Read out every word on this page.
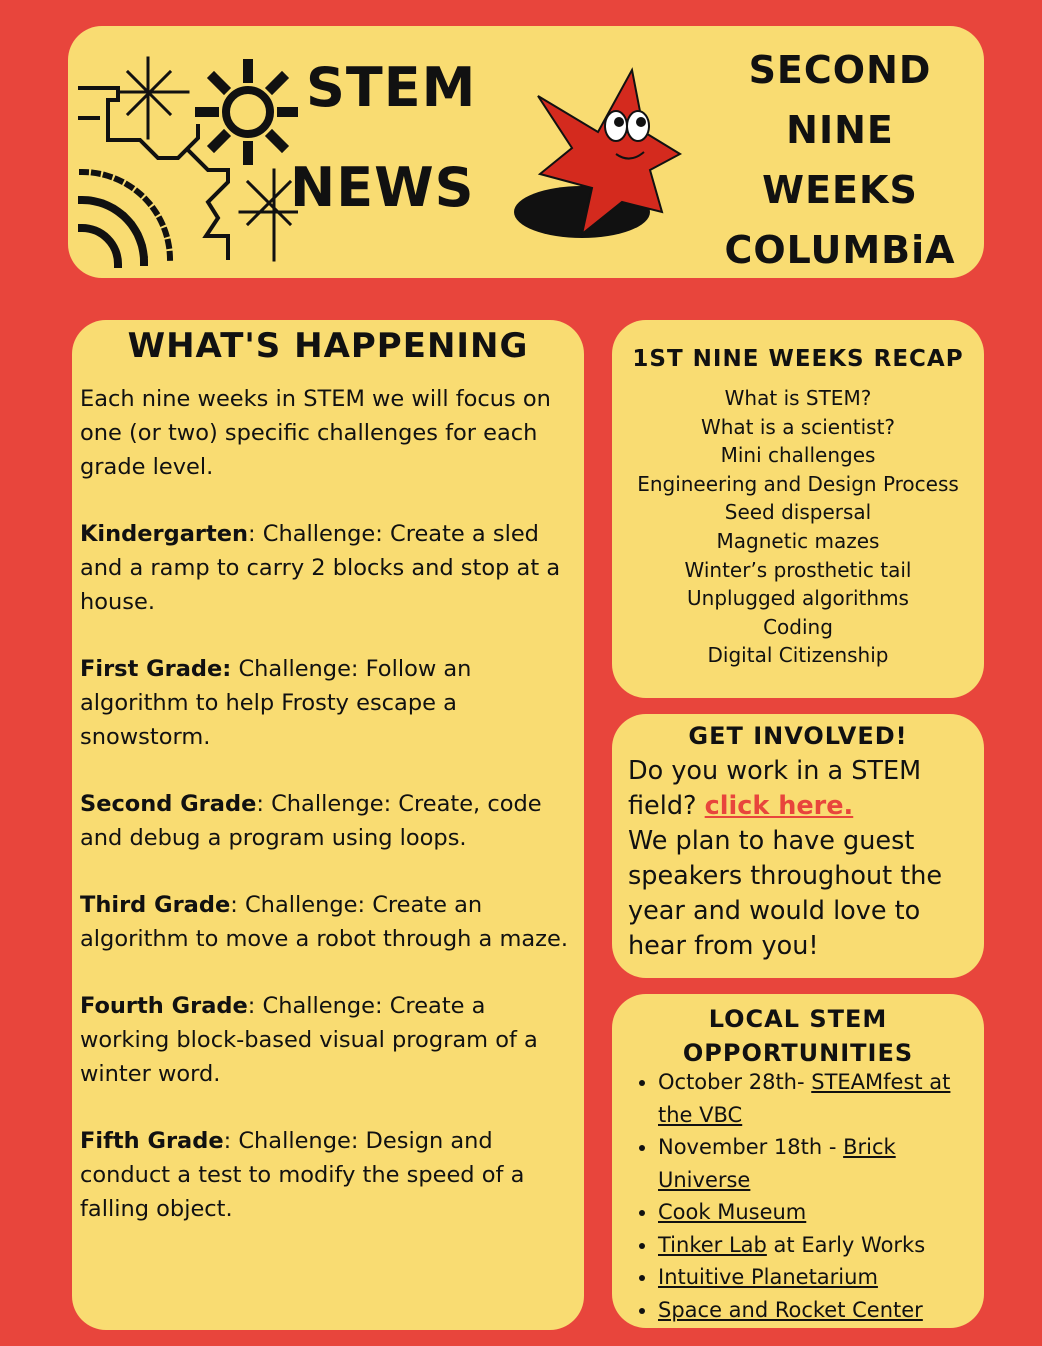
STEM
NEWS
SECOND
NINE
WEEKS
COLUMBiA
WHAT'S HAPPENING

Each nine weeks in STEM we will focus on one (or two) specific challenges for each grade level.

Kindergarten: Challenge: Create a sled and a ramp to carry 2 blocks and stop at a house.

First Grade: Challenge: Follow an algorithm to help Frosty escape a snowstorm.

Second Grade: Challenge: Create, code and debug a program using loops.

Third Grade: Challenge: Create an algorithm to move a robot through a maze.

Fourth Grade: Challenge: Create a working block-based visual program of a winter word.

Fifth Grade: Challenge: Design and conduct a test to modify the speed of a falling object.

1ST NINE WEEKS RECAP
What is STEM?
What is a scientist?
Mini challenges
Engineering and Design Process
Seed dispersal
Magnetic mazes
Winter’s prosthetic tail
Unplugged algorithms
Coding
Digital Citizenship
GET INVOLVED!
Do you work in a STEM field? click here.
We plan to have guest speakers throughout the year and would love to hear from you!
LOCAL STEM OPPORTUNITIES
• October 28th- STEAMfest at the VBC
• November 18th - Brick Universe
• Cook Museum
• Tinker Lab at Early Works
• Intuitive Planetarium
• Space and Rocket Center
